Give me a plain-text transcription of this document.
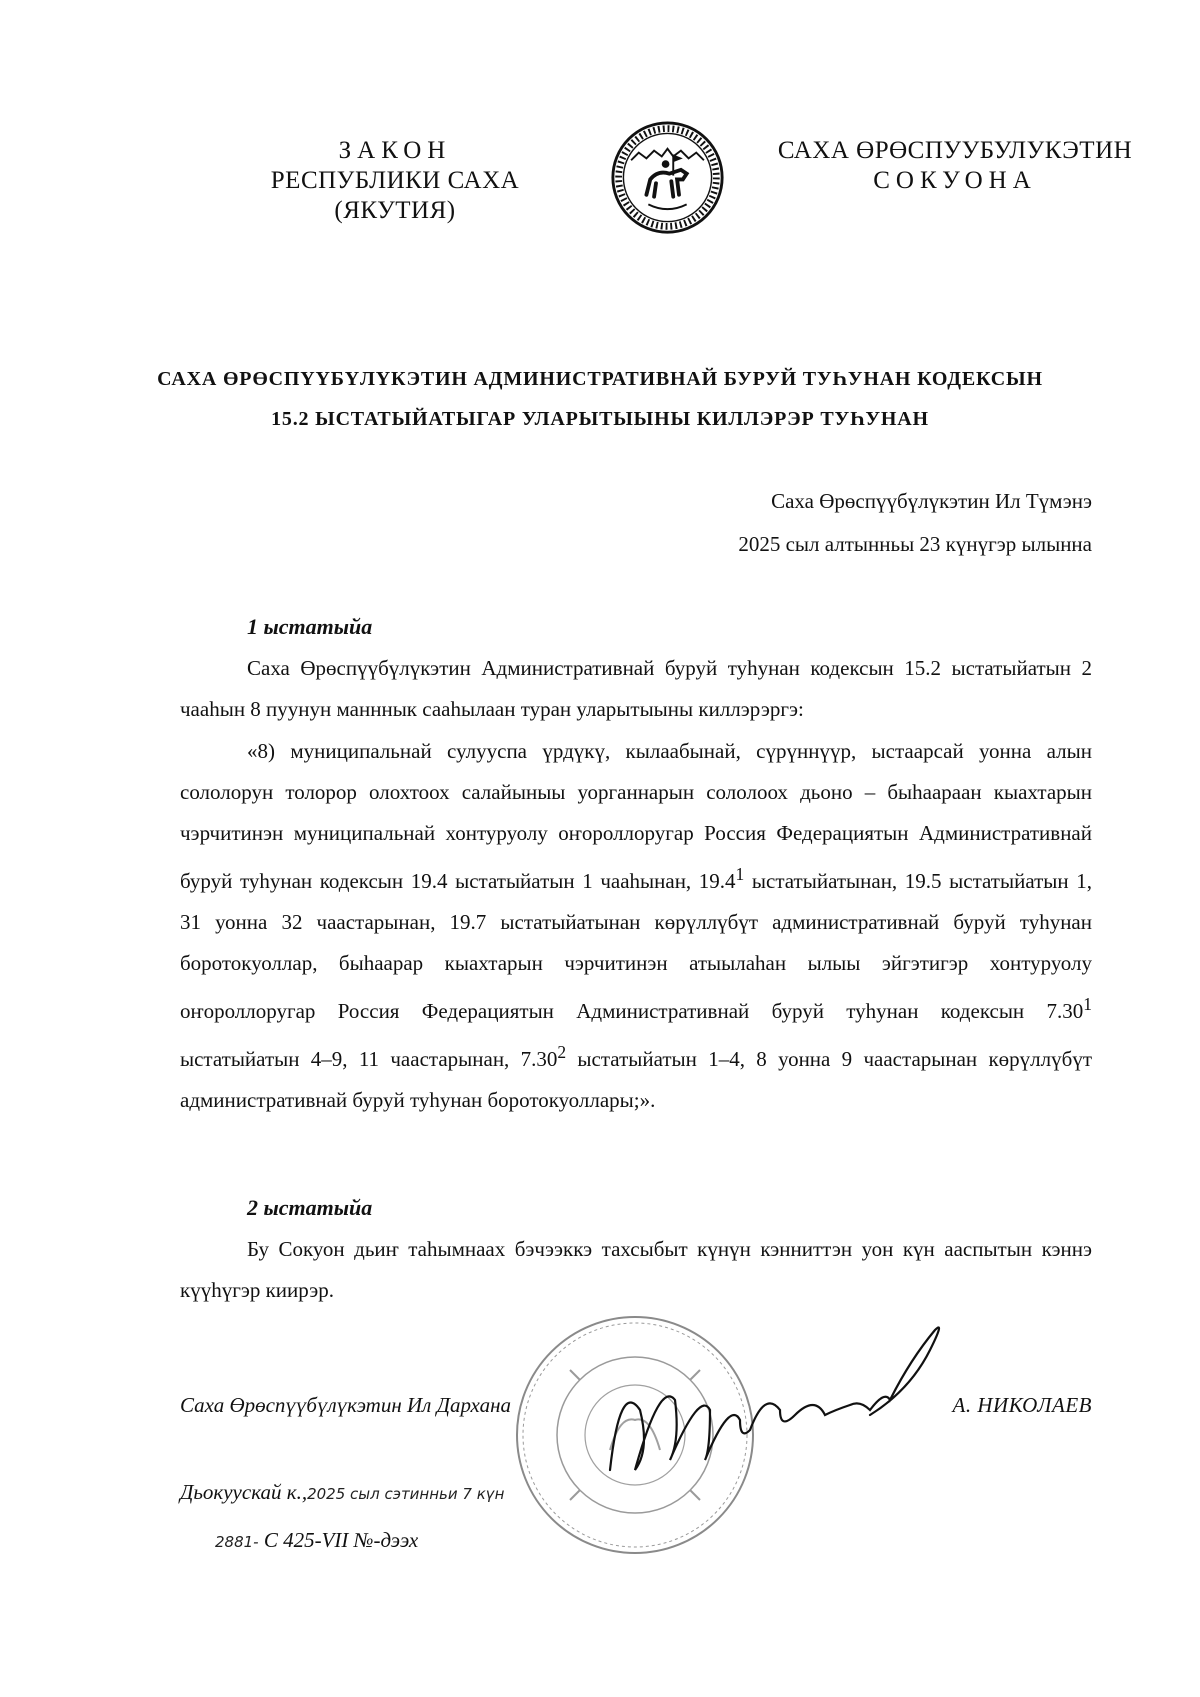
ЗАКОН
РЕСПУБЛИКИ САХА (ЯКУТИЯ)
САХА ӨРӨСПУУБУЛУКЭТИН
СОКУОНА
САХА ӨРӨСПҮҮБҮЛҮКЭТИН АДМИНИСТРАТИВНАЙ БУРУЙ ТУҺУНАН КОДЕКСЫН
15.2 ЫСТАТЫЙАТЫГАР УЛАРЫТЫЫНЫ КИЛЛЭРЭР ТУҺУНАН
Саха Өрөспүүбүлүкэтин Ил Түмэнэ
2025 сыл алтынньы 23 күнүгэр ылынна
1 ыстатыйа
Саха Өрөспүүбүлүкэтин Административнай буруй туһунан кодексын 15.2 ыстатыйатын 2 чааһын 8 пуунун манннык сааһылаан туран уларытыыны киллэрэргэ:
«8) муниципальнай сулууспа үрдүкү, кылаабынай, сүрүннүүр, ыстаарсай уонна алын сололорун толорор олохтоох салайыныы уорганнарын сололоох дьоно – быһаараан кыахтарын чэрчитинэн муниципальнай хонтуруолу оҥороллоругар Россия Федерациятын Административнай буруй туһунан кодексын 19.4 ыстатыйатын 1 чааһынан, 19.4$^1$ ыстатыйатынан, 19.5 ыстатыйатын 1, 31 уонна 32 чаастарынан, 19.7 ыстатыйатынан көрүллүбүт административнай буруй туһунан боротокуоллар, быһаарар кыахтарын чэрчитинэн атыылаһан ылыы эйгэтигэр хонтуруолу оҥороллоругар Россия Федерациятын Административнай буруй туһунан кодексын 7.30$^1$ ыстатыйатын 4–9, 11 чаастарынан, 7.30$^2$ ыстатыйатын 1–4, 8 уонна 9 чаастарынан көрүллүбүт административнай буруй туһунан боротокуоллары;».
2 ыстатыйа
Бу Сокуон дьиҥ таһымнаах бэчээккэ тахсыбыт күнүн кэнниттэн уон күн ааспытын кэннэ күүһүгэр киирэр.
Саха Өрөспүүбүлүкэтин Ил Дархана	А. НИКОЛАЕВ
Дьокуускай к.,2025 сыл сэтинньи 7 күн
2881- С 425-VII №-дээх
